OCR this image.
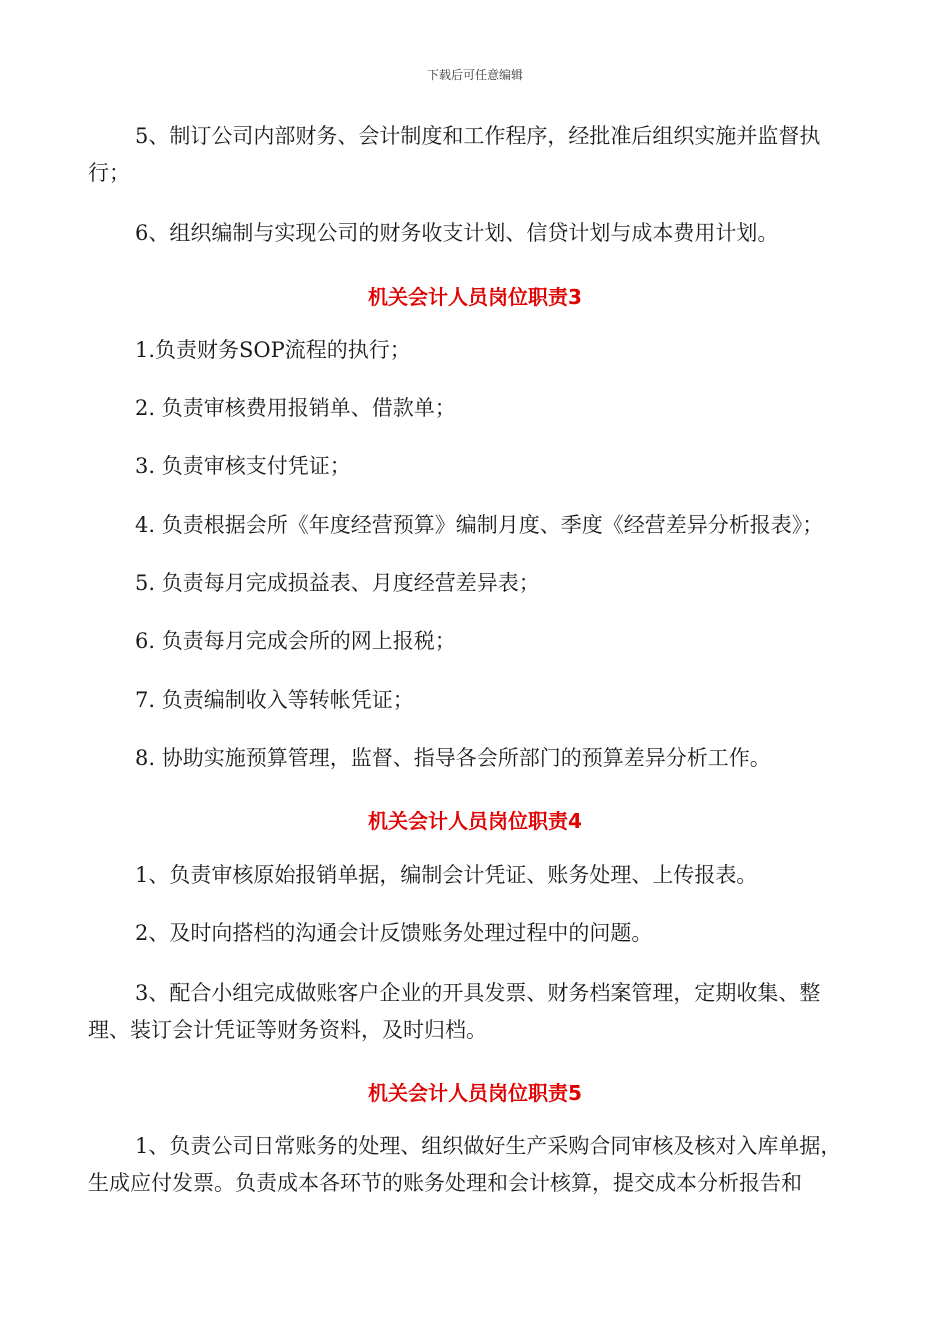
下载后可任意编辑
5、制订公司内部财务、会计制度和工作程序，经批准后组织实施并监督执
行；
6、组织编制与实现公司的财务收支计划、信贷计划与成本费用计划。
机关会计人员岗位职责3
1.负责财务SOP流程的执行；
2. 负责审核费用报销单、借款单；
3. 负责审核支付凭证；
4. 负责根据会所《年度经营预算》编制月度、季度《经营差异分析报表》；
5. 负责每月完成损益表、月度经营差异表；
6. 负责每月完成会所的网上报税；
7. 负责编制收入等转帐凭证；
8. 协助实施预算管理，监督、指导各会所部门的预算差异分析工作。
机关会计人员岗位职责4
1、负责审核原始报销单据，编制会计凭证、账务处理、上传报表。
2、及时向搭档的沟通会计反馈账务处理过程中的问题。
3、配合小组完成做账客户企业的开具发票、财务档案管理，定期收集、整
理、装订会计凭证等财务资料，及时归档。
机关会计人员岗位职责5
1、负责公司日常账务的处理、组织做好生产采购合同审核及核对入库单据，
生成应付发票。负责成本各环节的账务处理和会计核算，提交成本分析报告和
